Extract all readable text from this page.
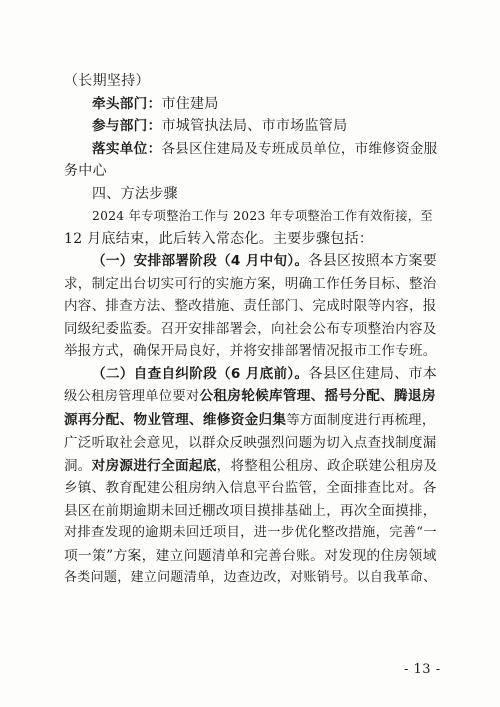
（长期坚持）
牵头部门：市住建局
参与部门：市城管执法局、市市场监管局
落实单位：各县区住建局及专班成员单位，市维修资金服
务中心
四、方法步骤
2024 年专项整治工作与 2023 年专项整治工作有效衔接，至
12 月底结束，此后转入常态化。主要步骤包括：
（一）安排部署阶段（4 月中旬）。各县区按照本方案要
求，制定出台切实可行的实施方案，明确工作任务目标、整治
内容、排查方法、整改措施、责任部门、完成时限等内容，报
同级纪委监委。召开安排部署会，向社会公布专项整治内容及
举报方式，确保开局良好，并将安排部署情况报市工作专班。
（二）自查自纠阶段（6 月底前）。各县区住建局、市本
级公租房管理单位要对公租房轮候库管理、摇号分配、腾退房
源再分配、物业管理、维修资金归集等方面制度进行再梳理，
广泛听取社会意见，以群众反映强烈问题为切入点查找制度漏
洞。对房源进行全面起底，将整租公租房、政企联建公租房及
乡镇、教育配建公租房纳入信息平台监管，全面排查比对。各
县区在前期逾期未回迁棚改项目摸排基础上，再次全面摸排，
对排查发现的逾期未回迁项目，进一步优化整改措施，完善“一
项一策”方案，建立问题清单和完善台账。对发现的住房领域
各类问题，建立问题清单，边查边改，对账销号。以自我革命、
- 13 -
